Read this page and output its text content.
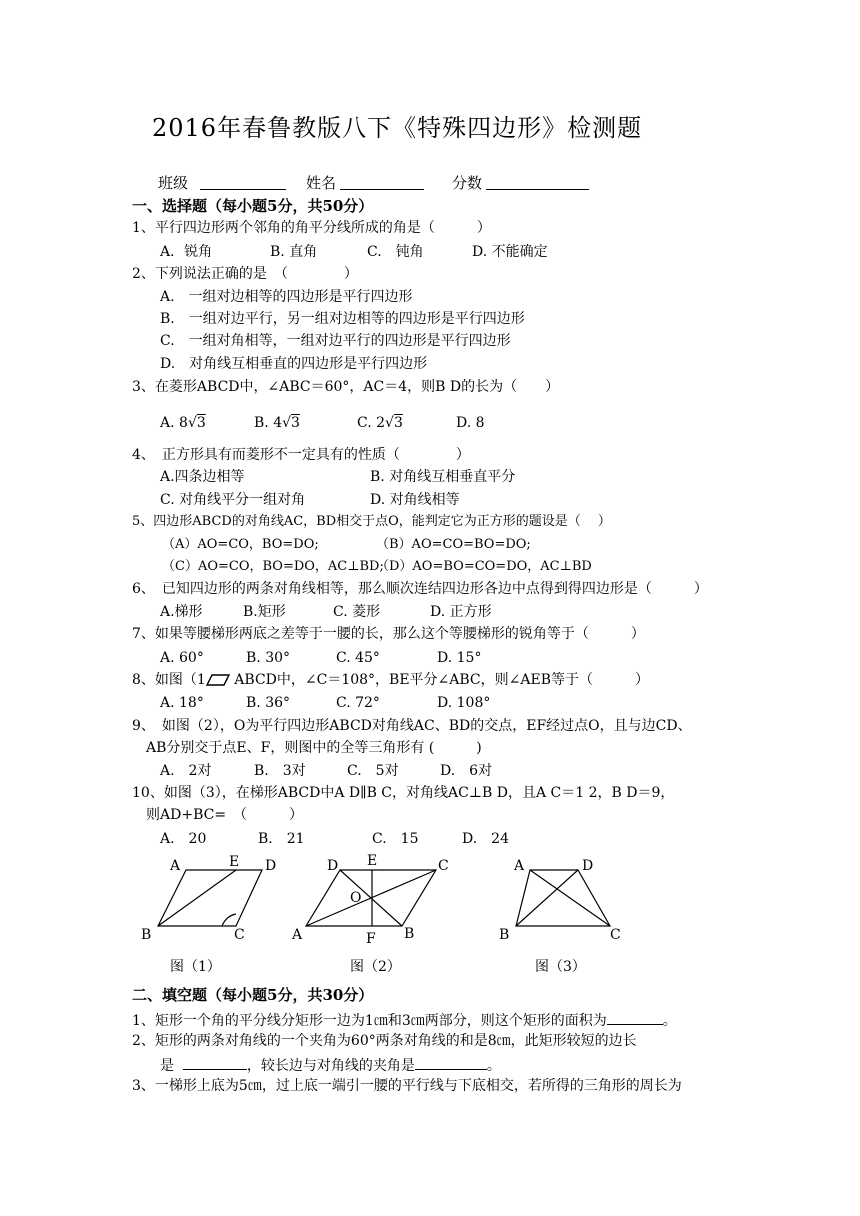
2016年春鲁教版八下《特殊四边形》检测题
班级	姓名	分数
一、选择题（每小题5分，共50分）
1、平行四边形两个邻角的角平分线所成的角是（　　　）
A．锐角	B. 直角	C.　钝角	D. 不能确定
2、下列说法正确的是　（　　　　）
A.　一组对边相等的四边形是平行四边形
B.　一组对边平行，另一组对边相等的四边形是平行四边形
C.　一组对角相等，一组对边平行的四边形是平行四边形
D.　对角线互相垂直的四边形是平行四边形
3、在菱形ABCD中，∠ABC＝60°，AC＝4，则B D的长为（　　）
A. 8√3	B. 4√3	C. 2√3	D. 8
4、　正方形具有而菱形不一定具有的性质（　　　　）
A.四条边相等	B. 对角线互相垂直平分
C. 对角线平分一组对角	D. 对角线相等
5、四边形ABCD的对角线AC，BD相交于点O，能判定它为正方形的题设是（　 ）
（A）AO=CO，BO=DO;	（B）AO=CO=BO=DO;
（C）AO=CO，BO=DO，AC⊥BD;
（D）AO=BO=CO=DO，AC⊥BD
6、　已知四边形的两条对角线相等，那么顺次连结四边形各边中点得到得四边形是（　　　）
A.梯形	B.矩形	C. 菱形	D. 正方形
7、如果等腰梯形两底之差等于一腰的长，那么这个等腰梯形的锐角等于（　　　）
A. 60°	B. 30°	C. 45°	D. 15°
8、如图（1 ABCD中，∠C＝108°，BE平分∠ABC，则∠AEB等于（　　　）
A. 18°	B. 36°	C. 72°	D. 108°
9、　如图（2），O为平行四边形ABCD对角线AC、BD的交点，EF经过点O，且与边CD、
AB分别交于点E、F，则图中的全等三角形有 (　　　)
A.　2对	B.　3对	C.　5对	D.　6对
10、如图（3），在梯形ABCD中A D∥B C，对角线AC⊥B D，且A C＝1 2，B D＝9，
则AD+BC=　（　　　）
A.　20	B.　21	C.　15	D.　24
A	E D
B	C
图（1）
D E	C
O
A	F B
图（2）
A	D
B	C
图（3）
二、填空题（每小题5分，共30分）
1、矩形一个角的平分线分矩形一边为1㎝和3㎝两部分，则这个矩形的面积为	。
2、矩形的两条对角线的一个夹角为60°两条对角线的和是8㎝，此矩形较短的边长
是	，较长边与对角线的夹角是	。
3、一梯形上底为5㎝，过上底一端引一腰的平行线与下底相交，若所得的三角形的周长为
